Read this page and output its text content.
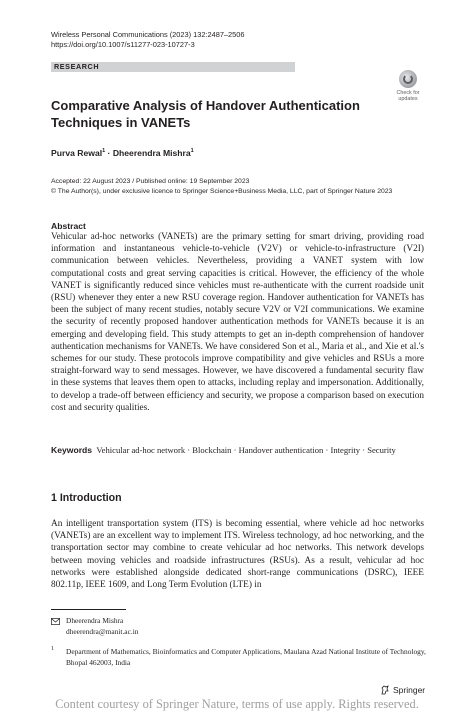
Wireless Personal Communications (2023) 132:2487–2506
https://doi.org/10.1007/s11277-023-10727-3
RESEARCH
Check for
updates
Comparative Analysis of Handover Authentication Techniques in VANETs
Purva Rewal$^1$ · Dheerendra Mishra$^1$
Accepted: 22 August 2023 / Published online: 19 September 2023
© The Author(s), under exclusive licence to Springer Science+Business Media, LLC, part of Springer Nature 2023
Abstract

Vehicular ad-hoc networks (VANETs) are the primary setting for smart driving, providing road information and instantaneous vehicle-to-vehicle (V2V) or vehicle-to-infrastructure (V2I) communication between vehicles. Nevertheless, providing a VANET system with low computational costs and great serving capacities is critical. However, the efficiency of the whole VANET is significantly reduced since vehicles must re-authenticate with the current roadside unit (RSU) whenever they enter a new RSU coverage region. Handover authentication for VANETs has been the subject of many recent studies, notably secure V2V or V2I communications. We examine the security of recently proposed handover authentication methods for VANETs because it is an emerging and developing field. This study attempts to get an in-depth comprehension of handover authentication mechanisms for VANETs. We have considered Son et al., Maria et al., and Xie et al.'s schemes for our study. These protocols improve compatibility and give vehicles and RSUs a more straight-forward way to send messages. However, we have discovered a fundamental security flaw in these systems that leaves them open to attacks, including replay and impersonation. Additionally, to develop a trade-off between efficiency and security, we propose a comparison based on execution cost and security qualities.

Keywords Vehicular ad-hoc network · Blockchain · Handover authentication · Integrity · Security
1 Introduction

An intelligent transportation system (ITS) is becoming essential, where vehicle ad hoc networks (VANETs) are an excellent way to implement ITS. Wireless technology, ad hoc networking, and the transportation sector may combine to create vehicular ad hoc networks. This network develops between moving vehicles and roadside infrastructures (RSUs). As a result, vehicular ad hoc networks were established alongside dedicated short-range communications (DSRC), IEEE 802.11p, IEEE 1609, and Long Term Evolution (LTE) in

Dheerendra Mishra
dheerendra@manit.ac.in
1 Department of Mathematics, Bioinformatics and Computer Applications, Maulana Azad National Institute of Technology, Bhopal 462003, India
Springer
Content courtesy of Springer Nature, terms of use apply. Rights reserved.
